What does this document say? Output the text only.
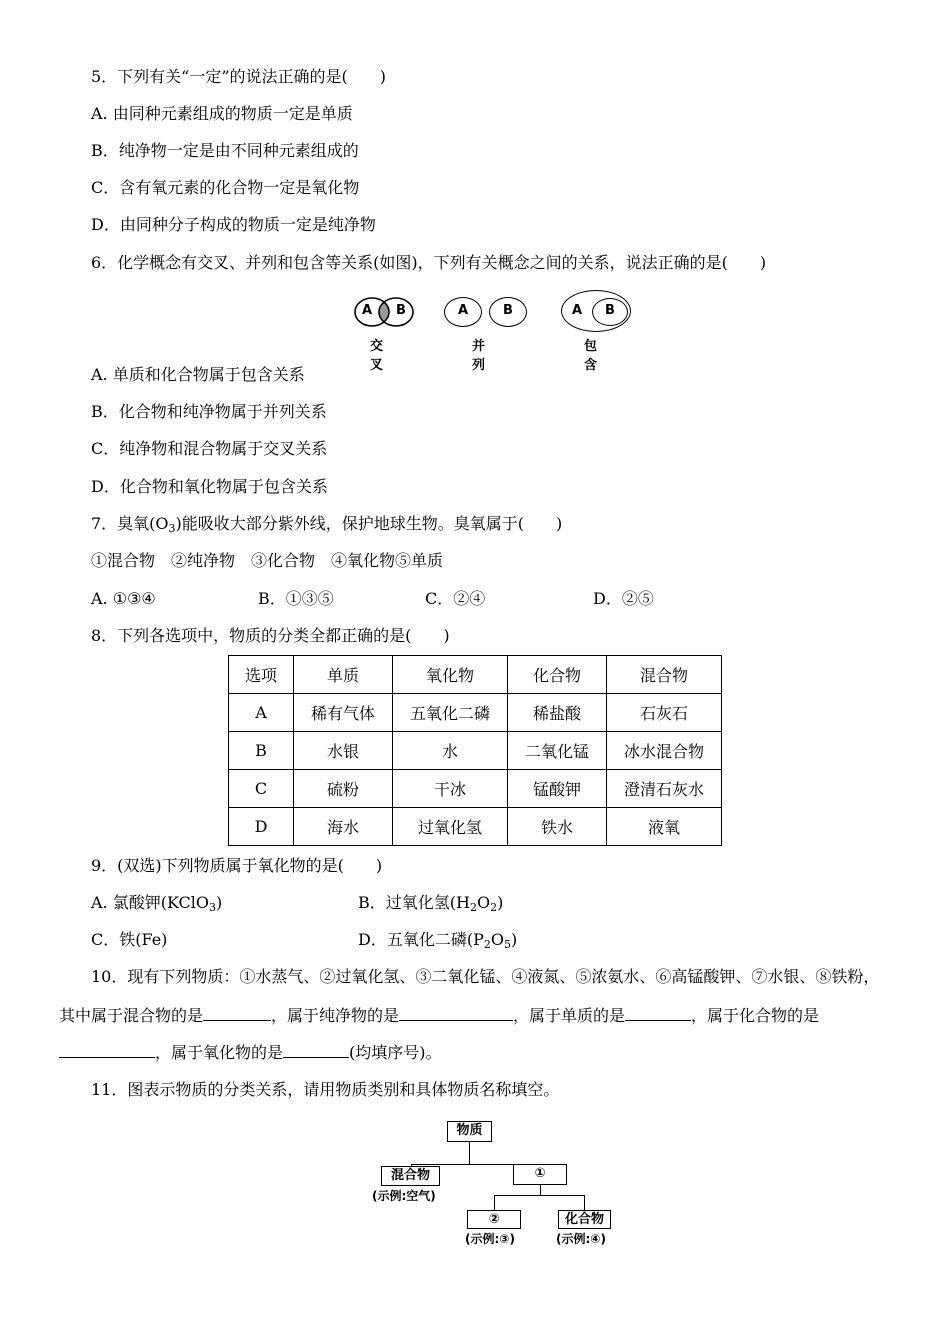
5．下列有关“一定”的说法正确的是(　　)
A. 由同种元素组成的物质一定是单质
B．纯净物一定是由不同种元素组成的
C．含有氧元素的化合物一定是氧化物
D．由同种分子构成的物质一定是纯净物
6．化学概念有交叉、并列和包含等关系(如图)，下列有关概念之间的关系，说法正确的是(　　)
A B
交叉
A	B
并列
A B
包含
A. 单质和化合物属于包含关系
B．化合物和纯净物属于并列关系
C．纯净物和混合物属于交叉关系
D．化合物和氧化物属于包含关系
7．臭氧$(O_3)$能吸收大部分紫外线，保护地球生物。臭氧属于(　　)
①混合物　②纯净物　③化合物　④氧化物⑤单质
A. ①③④	B．①③⑤	C．②④	D．②⑤
8．下列各选项中，物质的分类全都正确的是(　　)
选项	单质	氧化物	化合物	混合物
A	稀有气体	五氧化二磷	稀盐酸	石灰石
B	水银	水	二氧化锰	冰水混合物
C	硫粉	干冰	锰酸钾	澄清石灰水
D	海水	过氧化氢	铁水	液氧
9．(双选)下列物质属于氧化物的是(　　)
A. 氯酸钾(KClO$_3$)	B．过氧化氢$(H_2O_2)$
C．铁(Fe)	D．五氧化二磷$(P_2O_5)$
10．现有下列物质：①水蒸气、②过氧化氢、③二氧化锰、④液氮、⑤浓氨水、⑥高锰酸钾、⑦水银、⑧铁粉，
其中属于混合物的是	，属于纯净物的是	，属于单质的是	，属于化合物的是
，属于氧化物的是	(均填序号)。
11．图表示物质的分类关系，请用物质类别和具体物质名称填空。
物质
混合物
(示例:空气)
①
②
(示例:③)
化合物
(示例:④)
